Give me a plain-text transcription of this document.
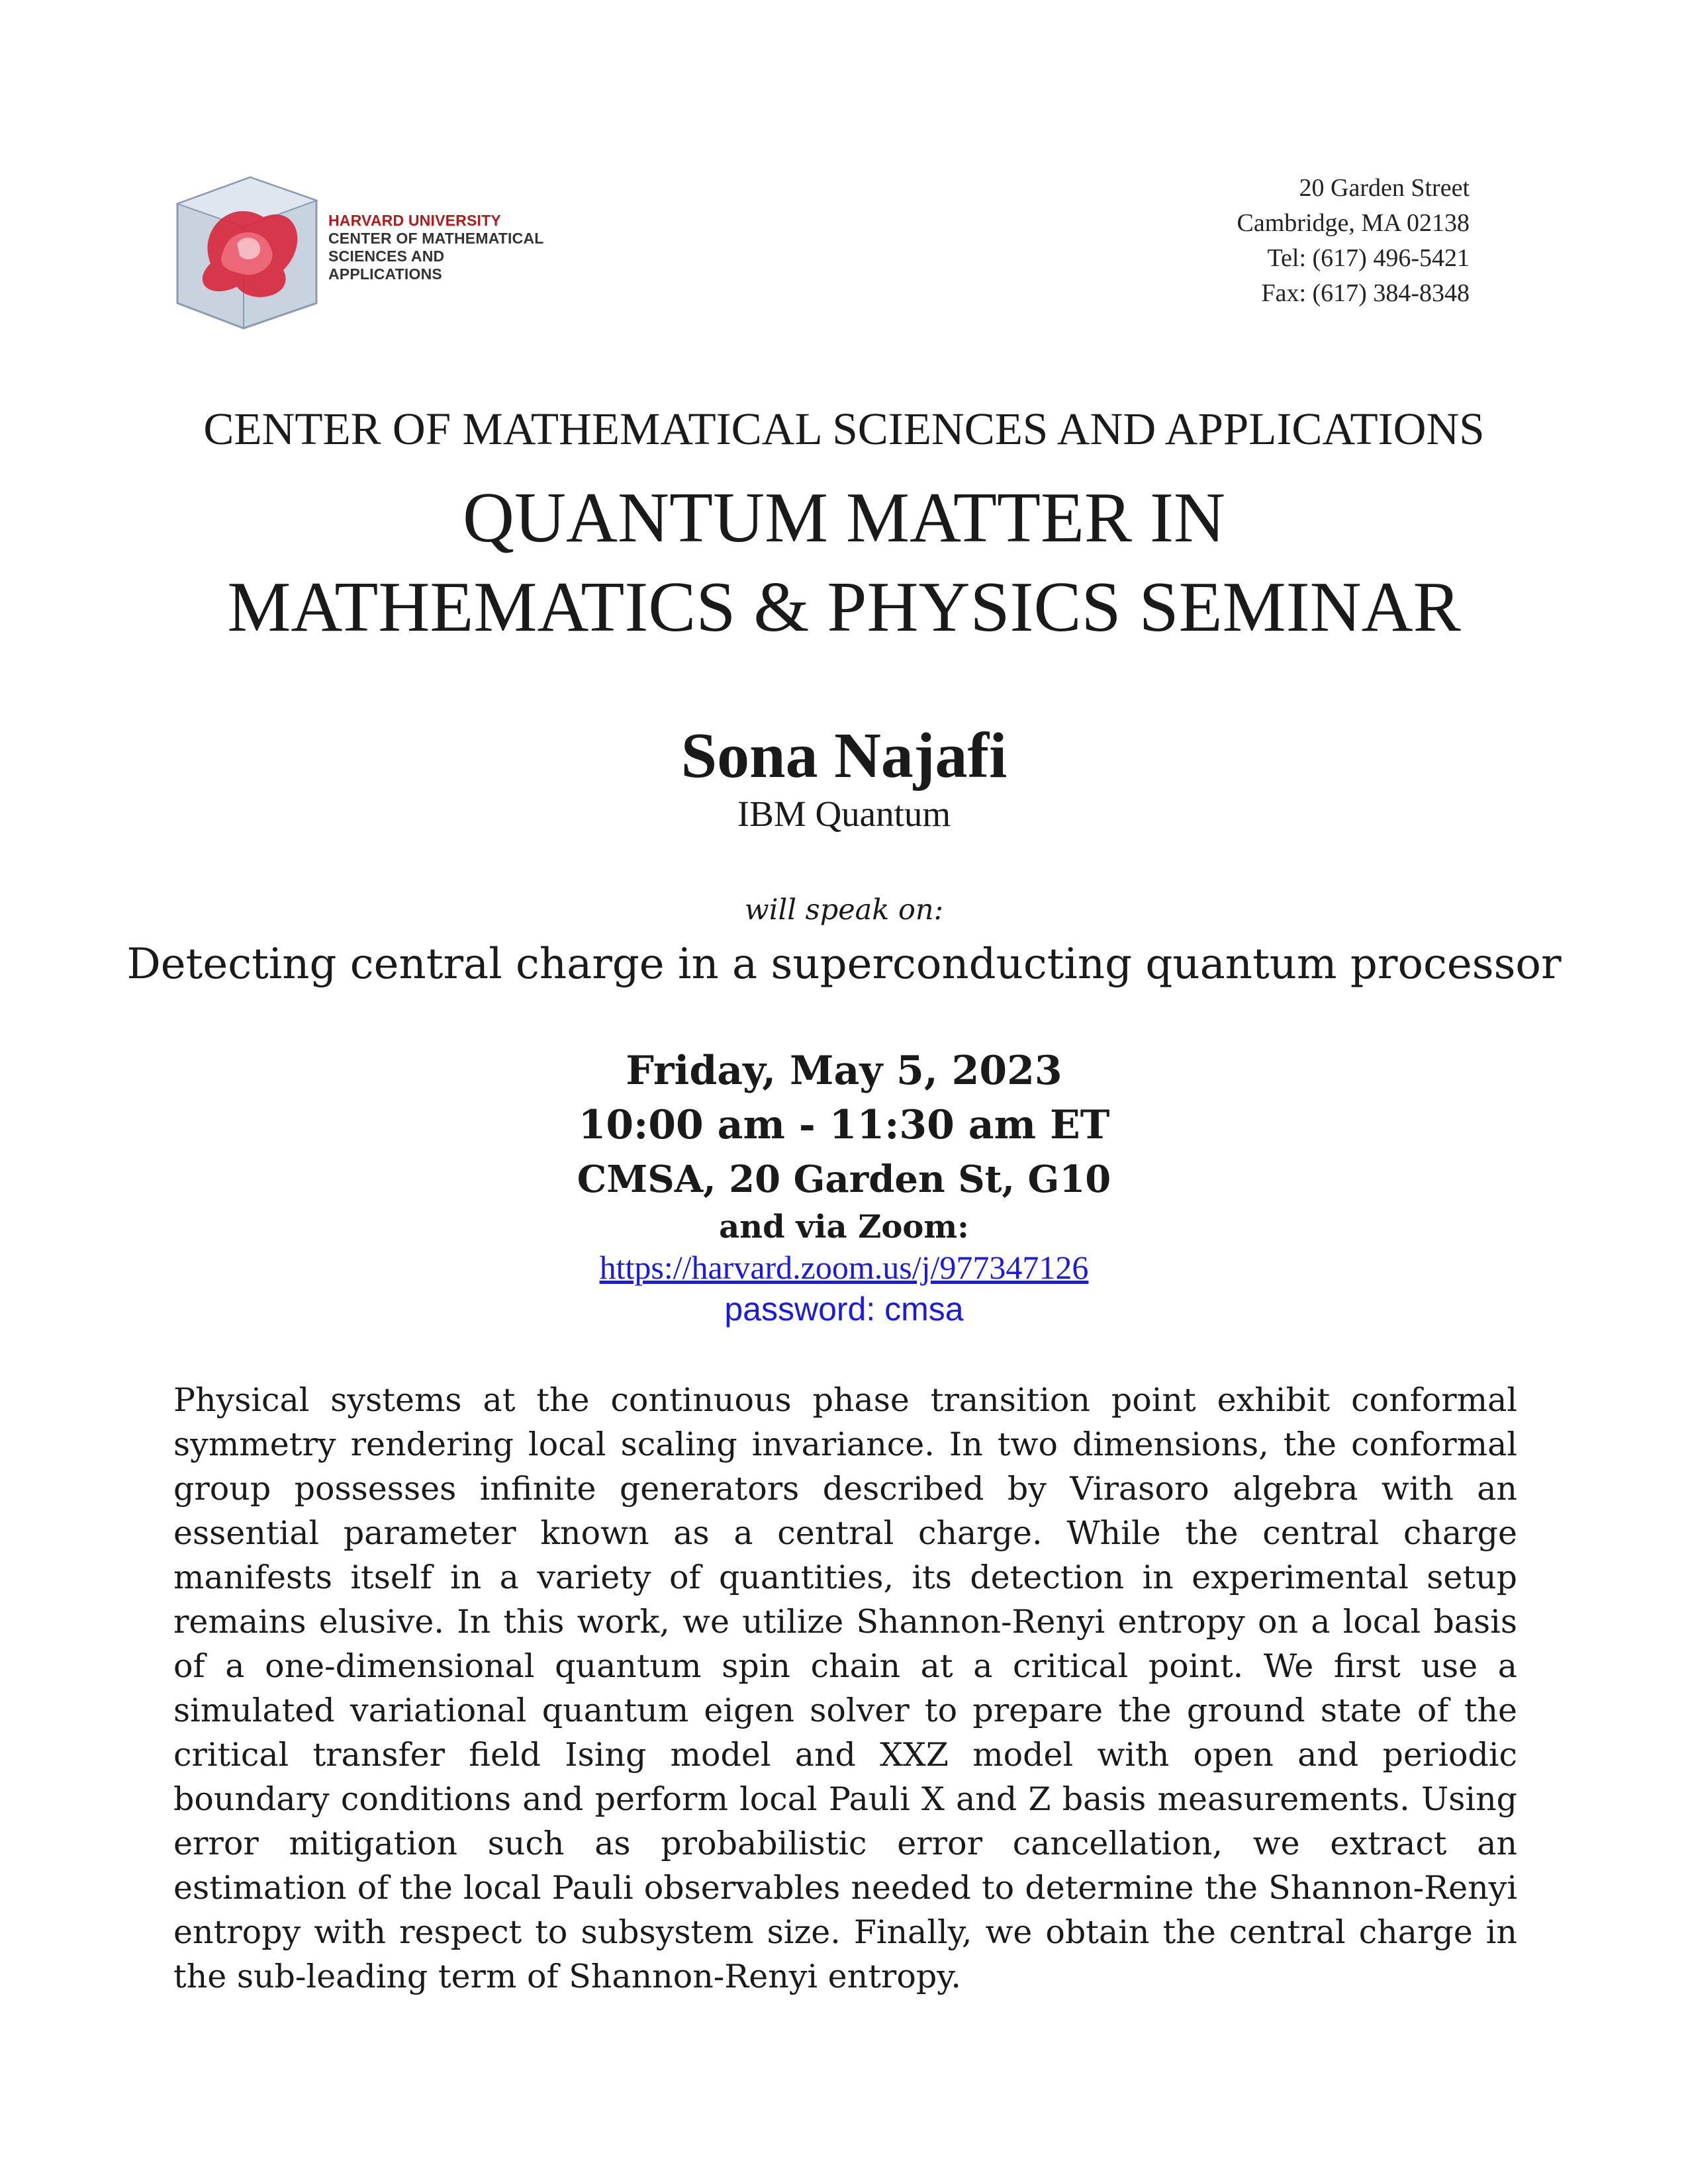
HARVARD UNIVERSITY
CENTER OF MATHEMATICAL
SCIENCES AND APPLICATIONS
20 Garden Street
Cambridge, MA 02138
Tel: (617) 496-5421
Fax: (617) 384-8348
CENTER OF MATHEMATICAL SCIENCES AND APPLICATIONS
QUANTUM MATTER IN
MATHEMATICS & PHYSICS SEMINAR
Sona Najafi
IBM Quantum
will speak on:
Detecting central charge in a superconducting quantum processor
Friday, May 5, 2023
10:00 am - 11:30 am ET
CMSA, 20 Garden St, G10
and via Zoom:
https://harvard.zoom.us/j/977347126
password: cmsa

Physical systems at the continuous phase transition point exhibit conformal symmetry rendering local scaling invariance. In two dimensions, the conformal group possesses infinite generators described by Virasoro algebra with an essential parameter known as a central charge. While the central charge manifests itself in a variety of quantities, its detection in experimental setup remains elusive. In this work, we utilize Shannon-Renyi entropy on a local basis of a one-dimensional quantum spin chain at a critical point. We first use a simulated variational quantum eigen solver to prepare the ground state of the critical transfer field Ising model and XXZ model with open and periodic boundary conditions and perform local Pauli X and Z basis measurements. Using error mitigation such as probabilistic error cancellation, we extract an estimation of the local Pauli observables needed to determine the Shannon-Renyi entropy with respect to subsystem size. Finally, we obtain the central charge in the sub-leading term of Shannon-Renyi entropy.
